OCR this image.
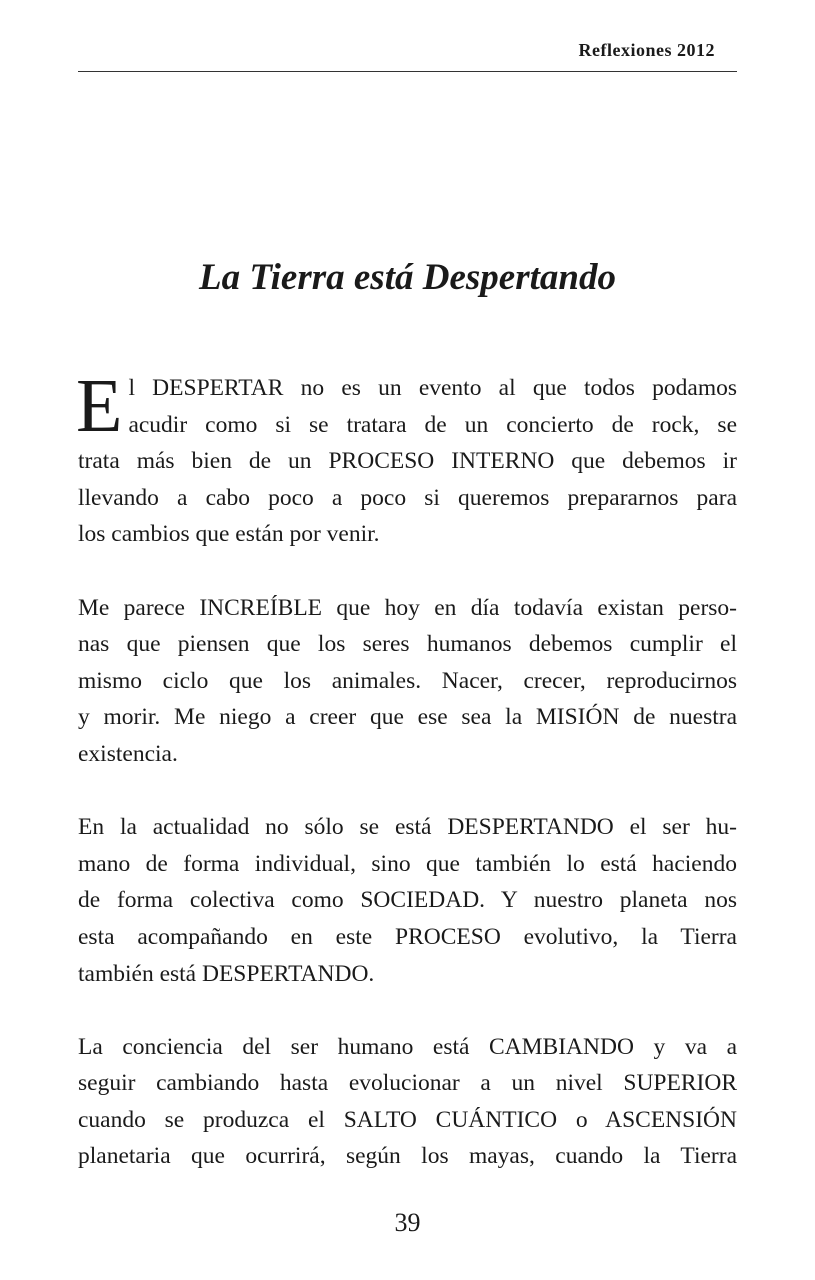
Reflexiones 2012
La Tierra está Despertando
E l DESPERTAR no es un evento al que todos podamos
acudir como si se tratara de un concierto de rock, se
trata más bien de un PROCESO INTERNO que debemos ir
llevando a cabo poco a poco si queremos prepararnos para
los cambios que están por venir.
Me parece INCREÍBLE que hoy en día todavía existan perso-
nas que piensen que los seres humanos debemos cumplir el
mismo ciclo que los animales. Nacer, crecer, reproducirnos
y morir. Me niego a creer que ese sea la MISIÓN de nuestra
existencia.
En la actualidad no sólo se está DESPERTANDO el ser hu-
mano de forma individual, sino que también lo está haciendo
de forma colectiva como SOCIEDAD. Y nuestro planeta nos
esta acompañando en este PROCESO evolutivo, la Tierra
también está DESPERTANDO.
La conciencia del ser humano está CAMBIANDO y va a
seguir cambiando hasta evolucionar a un nivel SUPERIOR
cuando se produzca el SALTO CUÁNTICO o ASCENSIÓN
planetaria que ocurrirá, según los mayas, cuando la Tierra
39
